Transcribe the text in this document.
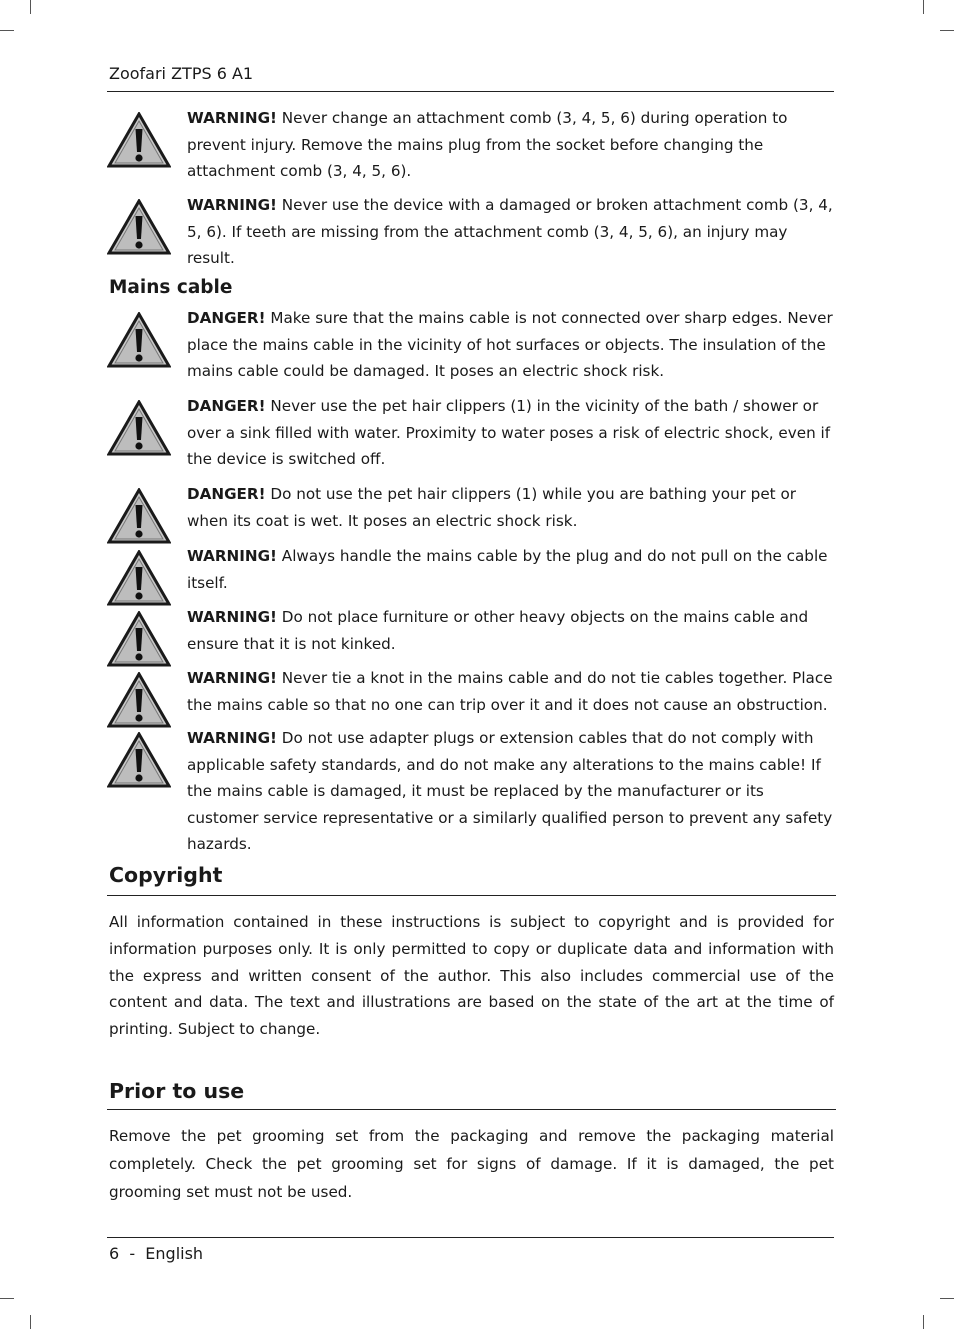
Zoofari ZTPS 6 A1
WARNING! Never change an attachment comb (3, 4, 5, 6) during operation to prevent injury. Remove the mains plug from the socket before changing the attachment comb (3, 4, 5, 6).
WARNING! Never use the device with a damaged or broken attachment comb (3, 4, 5, 6). If teeth are missing from the attachment comb (3, 4, 5, 6), an injury may result.
Mains cable
DANGER! Make sure that the mains cable is not connected over sharp edges. Never place the mains cable in the vicinity of hot surfaces or objects. The insulation of the mains cable could be damaged. It poses an electric shock risk.
DANGER! Never use the pet hair clippers (1) in the vicinity of the bath / shower or over a sink filled with water. Proximity to water poses a risk of electric shock, even if the device is switched off.
DANGER! Do not use the pet hair clippers (1) while you are bathing your pet or when its coat is wet. It poses an electric shock risk.
WARNING! Always handle the mains cable by the plug and do not pull on the cable itself.
WARNING! Do not place furniture or other heavy objects on the mains cable and ensure that it is not kinked.
WARNING! Never tie a knot in the mains cable and do not tie cables together. Place the mains cable so that no one can trip over it and it does not cause an obstruction.
WARNING! Do not use adapter plugs or extension cables that do not comply with applicable safety standards, and do not make any alterations to the mains cable! If the mains cable is damaged, it must be replaced by the manufacturer or its customer service representative or a similarly qualified person to prevent any safety hazards.
Copyright
All information contained in these instructions is subject to copyright and is provided for information purposes only. It is only permitted to copy or duplicate data and information with the express and written consent of the author. This also includes commercial use of the content and data. The text and illustrations are based on the state of the art at the time of printing. Subject to change.
Prior to use
Remove the pet grooming set from the packaging and remove the packaging material completely. Check the pet grooming set for signs of damage. If it is damaged, the pet grooming set must not be used.
6  -  English
